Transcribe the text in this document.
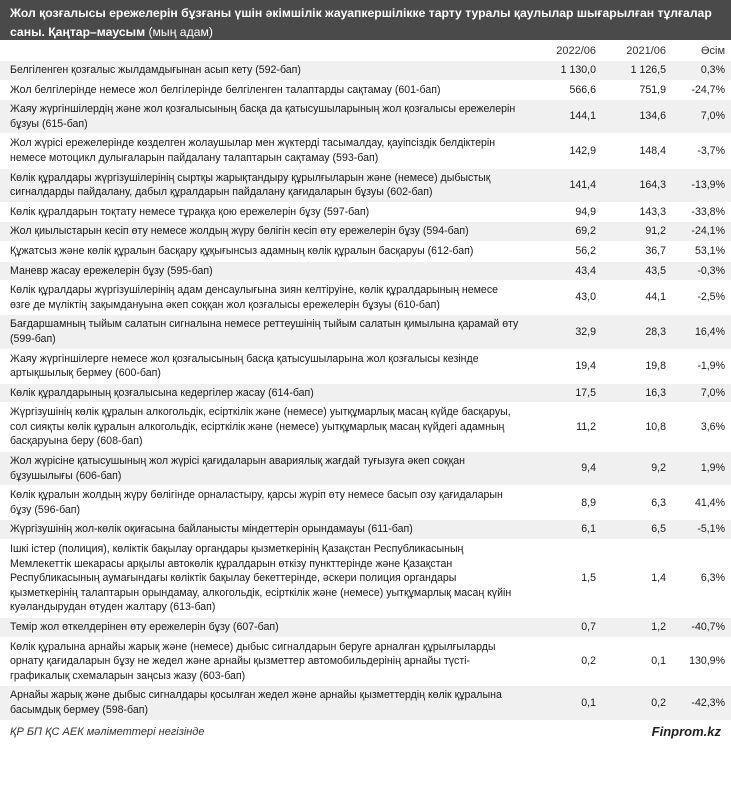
Жол қозғалысы ережелерін бұзғаны үшін әкімшілік жауапкершілікке тарту туралы қаулылар шығарылған тұлғалар саны. Қаңтар–маусым (мың адам)
2022/06	2021/06	Өсім
Белгіленген қозғалыс жылдамдығынан асып кету (592-бап)	1 130,0	1 126,5	0,3%
Жол белгілерінде немесе жол белгілерінде белгіленген талаптарды сақтамау (601-бап)	566,6	751,9	-24,7%
Жаяу жүргіншілердің және жол қозғалысының басқа да қатысушыларының жол қозғалысы ережелерін бұзуы (615-бап)
144,1	134,6	7,0%
Жол жүрісі ережелерінде көзделген жолаушылар мен жүктерді тасымалдау, қауіпсіздік белдіктерін немесе мотоцикл дулығаларын пайдалану талаптарын сақтамау (593-бап)
142,9	148,4	-3,7%
Көлік құралдары жүргізушілерінің сыртқы жарықтандыру құрылғыларын және (немесе) дыбыстық сигналдарды пайдалану, дабыл құралдарын пайдалану қағидаларын бұзуы (602-бап)
141,4	164,3	-13,9%
Көлік құралдарын тоқтату немесе тұраққа қою ережелерін бұзу (597-бап)	94,9	143,3	-33,8%
Жол қиылыстарын кесіп өту немесе жолдың жүру бөлігін кесіп өту ережелерін бұзу (594-бап)	69,2	91,2	-24,1%
Құжатсыз және көлік құралын басқару құқығынсыз адамның көлік құралын басқаруы (612-бап)	56,2	36,7	53,1%
Маневр жасау ережелерін бұзу (595-бап)	43,4	43,5	-0,3%
Көлік құралдары жүргізушілерінің адам денсаулығына зиян келтіруіне, көлік құралдарының немесе өзге де мүліктің зақымдануына әкеп соққан жол қозғалысы ережелерін бұзуы (610-бап)
43,0	44,1	-2,5%
Бағдаршамның тыйым салатын сигналына немесе реттеушінің тыйым салатын қимылына қарамай өту (599-бап)
32,9	28,3	16,4%
Жаяу жүргіншілерге немесе жол қозғалысының басқа қатысушыларына жол қозғалысы кезінде артықшылық бермеу (600-бап)
19,4	19,8	-1,9%
Көлік құралдарының қозғалысына кедергілер жасау (614-бап)	17,5	16,3	7,0%
Жүргізушінің көлік құралын алкогольдік, есірткілік және (немесе) уытқұмарлық масаң күйде басқаруы, сол сияқты көлік құралын алкогольдік, есірткілік және (немесе) уытқұмарлық масаң күйдегі адамның басқаруына беру (608-бап)
11,2	10,8	3,6%
Жол жүрісіне қатысушының жол жүрісі қағидаларын авариялық жағдай туғызуға әкеп соққан бұзушылығы (606-бап)
9,4	9,2	1,9%
Көлік құралын жолдың жүру бөлігінде орналастыру, қарсы жүріп өту немесе басып озу қағидаларын бұзу (596-бап)
8,9	6,3	41,4%
Жүргізушінің жол-көлік оқиғасына байланысты міндеттерін орындамауы (611-бап)	6,1	6,5	-5,1%
Ішкі істер (полиция), көліктік бақылау органдары қызметкерінің Қазақстан Республикасының Мемлекеттік шекарасы арқылы автокөлік құралдарын өткізу пункттерінде және Қазақстан Республикасының аумағындағы көліктік бақылау бекеттерінде, әскери полиция органдары қызметкерінің талаптарын орындамау, алкогольдік, есірткілік және (немесе) уытқұмарлық масаң күйін куәландырудан өтуден жалтару (613-бап)
1,5	1,4	6,3%
Темір жол өткелдерінен өту ережелерін бұзу (607-бап)	0,7	1,2	-40,7%
Көлік құралына арнайы жарық және (немесе) дыбыс сигналдарын беруге арналған құрылғыларды орнату қағидаларын бұзу не жедел және арнайы қызметтер автомобильдерінің арнайы түсті-графикалық схемаларын заңсыз жазу (603-бап)
0,2	0,1	130,9%
Арнайы жарық және дыбыс сигналдары қосылған жедел және арнайы қызметтердің көлік құралына басымдық бермеу (598-бап)
0,1	0,2	-42,3%
ҚР БП ҚС АЕК мәліметтері негізінде	Finprom.kz
